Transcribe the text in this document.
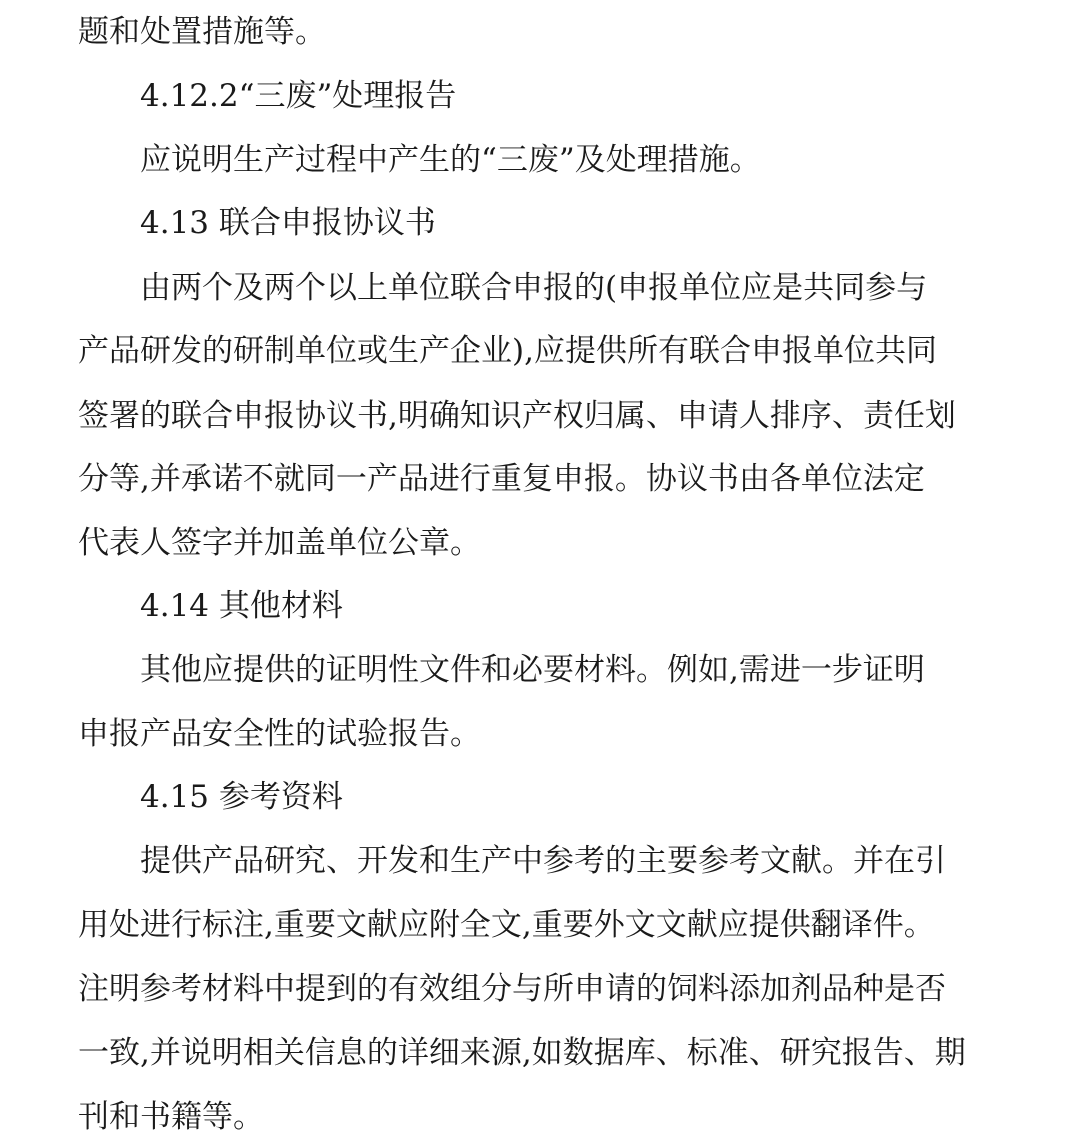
题和处置措施等。
4.12.2“三废”处理报告
应说明生产过程中产生的“三废”及处理措施。
4.13 联合申报协议书
由两个及两个以上单位联合申报的(申报单位应是共同参与
产品研发的研制单位或生产企业),应提供所有联合申报单位共同
签署的联合申报协议书,明确知识产权归属、申请人排序、责任划
分等,并承诺不就同一产品进行重复申报。协议书由各单位法定
代表人签字并加盖单位公章。
4.14 其他材料
其他应提供的证明性文件和必要材料。例如,需进一步证明
申报产品安全性的试验报告。
4.15 参考资料
提供产品研究、开发和生产中参考的主要参考文献。并在引
用处进行标注,重要文献应附全文,重要外文文献应提供翻译件。
注明参考材料中提到的有效组分与所申请的饲料添加剂品种是否
一致,并说明相关信息的详细来源,如数据库、标准、研究报告、期
刊和书籍等。
